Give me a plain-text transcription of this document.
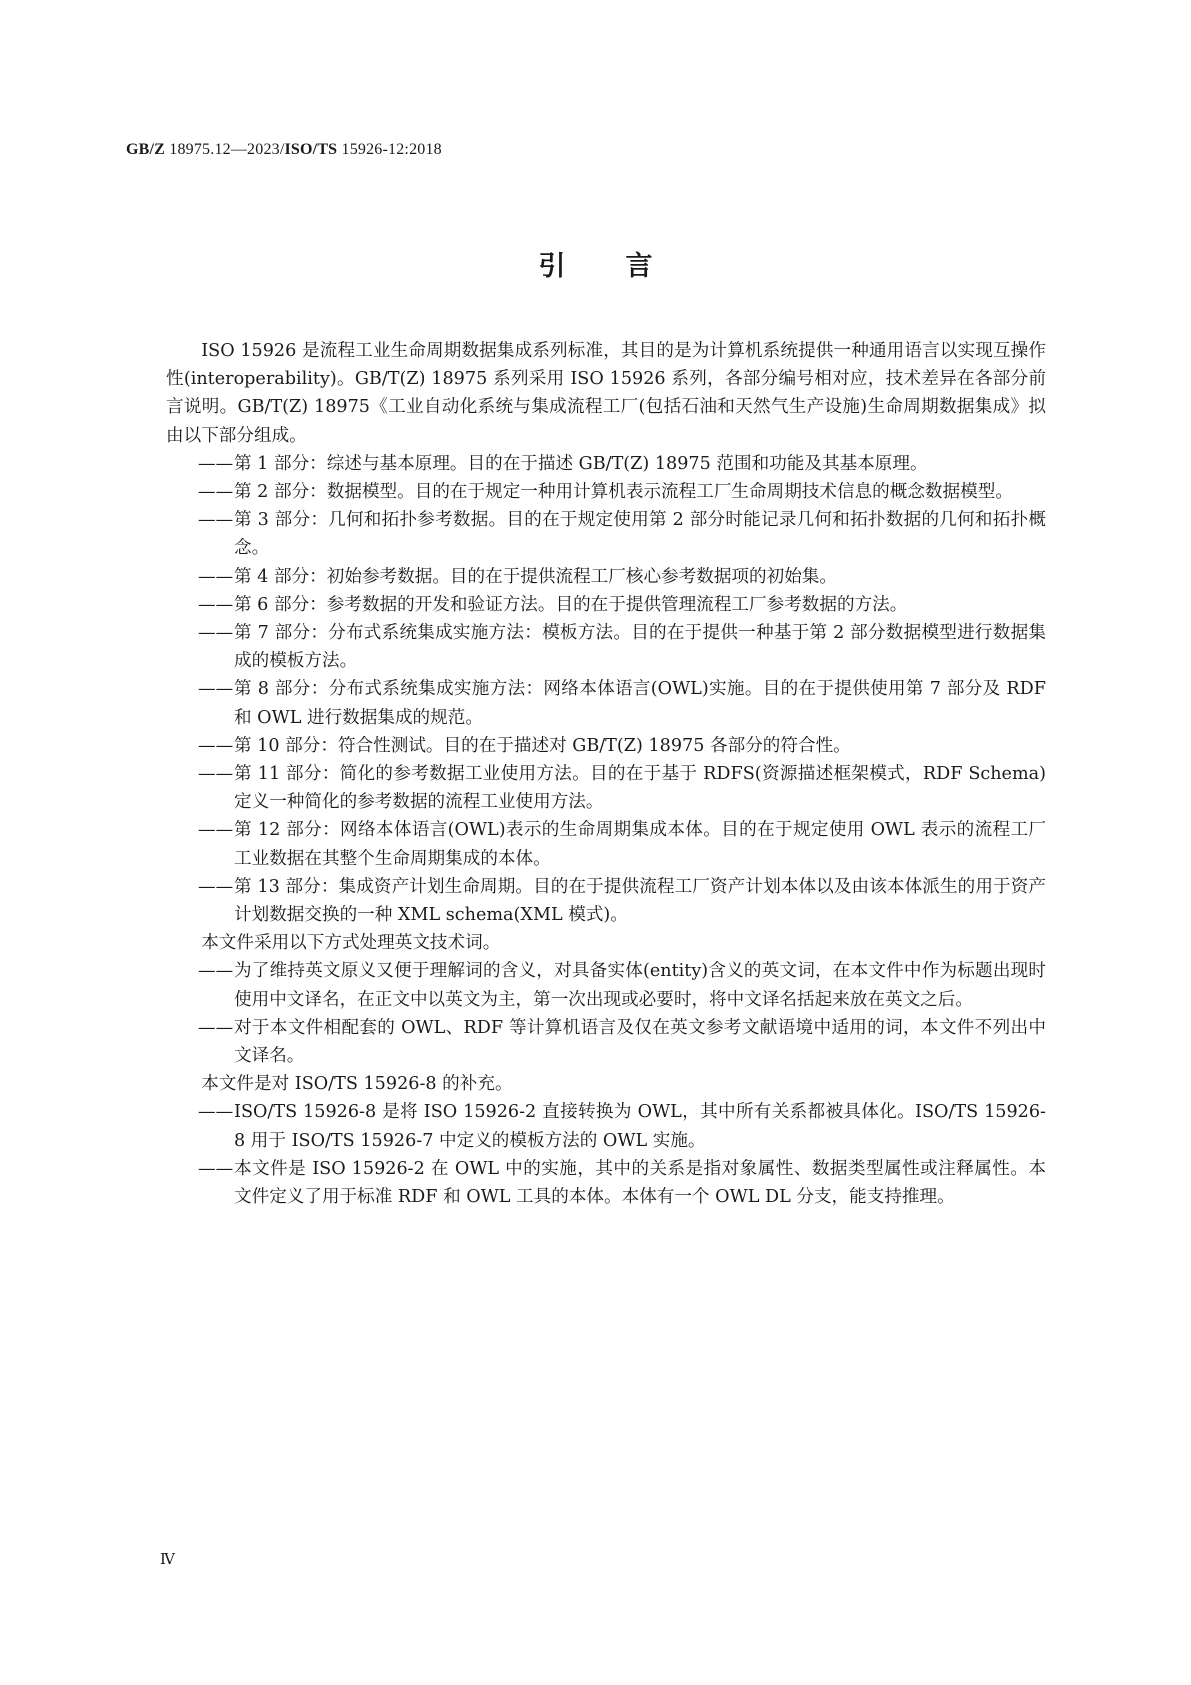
GB/Z 18975.12—2023/ISO/TS 15926-12:2018
引言

ISO 15926 是流程工业生命周期数据集成系列标准，其目的是为计算机系统提供一种通用语言以实现互操作性(interoperability)。GB/T(Z) 18975 系列采用 ISO 15926 系列，各部分编号相对应，技术差异在各部分前言说明。GB/T(Z) 18975《工业自动化系统与集成流程工厂(包括石油和天然气生产设施)生命周期数据集成》拟由以下部分组成。

—— 第 1 部分：综述与基本原理。目的在于描述 GB/T(Z) 18975 范围和功能及其基本原理。
—— 第 2 部分：数据模型。目的在于规定一种用计算机表示流程工厂生命周期技术信息的概念数据模型。
—— 第 3 部分：几何和拓扑参考数据。目的在于规定使用第 2 部分时能记录几何和拓扑数据的几何和拓扑概念。
—— 第 4 部分：初始参考数据。目的在于提供流程工厂核心参考数据项的初始集。
—— 第 6 部分：参考数据的开发和验证方法。目的在于提供管理流程工厂参考数据的方法。
—— 第 7 部分：分布式系统集成实施方法：模板方法。目的在于提供一种基于第 2 部分数据模型进行数据集成的模板方法。
—— 第 8 部分：分布式系统集成实施方法：网络本体语言(OWL)实施。目的在于提供使用第 7 部分及 RDF 和 OWL 进行数据集成的规范。
—— 第 10 部分：符合性测试。目的在于描述对 GB/T(Z) 18975 各部分的符合性。
—— 第 11 部分：简化的参考数据工业使用方法。目的在于基于 RDFS(资源描述框架模式，RDF Schema)定义一种简化的参考数据的流程工业使用方法。
—— 第 12 部分：网络本体语言(OWL)表示的生命周期集成本体。目的在于规定使用 OWL 表示的流程工厂工业数据在其整个生命周期集成的本体。
—— 第 13 部分：集成资产计划生命周期。目的在于提供流程工厂资产计划本体以及由该本体派生的用于资产计划数据交换的一种 XML schema(XML 模式)。

本文件采用以下方式处理英文技术词。

—— 为了维持英文原义又便于理解词的含义，对具备实体(entity)含义的英文词，在本文件中作为标题出现时使用中文译名，在正文中以英文为主，第一次出现或必要时，将中文译名括起来放在英文之后。
—— 对于本文件相配套的 OWL、RDF 等计算机语言及仅在英文参考文献语境中适用的词，本文件不列出中文译名。

本文件是对 ISO/TS 15926-8 的补充。

—— ISO/TS 15926-8 是将 ISO 15926-2 直接转换为 OWL，其中所有关系都被具体化。ISO/TS 15926-8 用于 ISO/TS 15926-7 中定义的模板方法的 OWL 实施。
—— 本文件是 ISO 15926-2 在 OWL 中的实施，其中的关系是指对象属性、数据类型属性或注释属性。本文件定义了用于标准 RDF 和 OWL 工具的本体。本体有一个 OWL DL 分支，能支持推理。
Ⅳ
